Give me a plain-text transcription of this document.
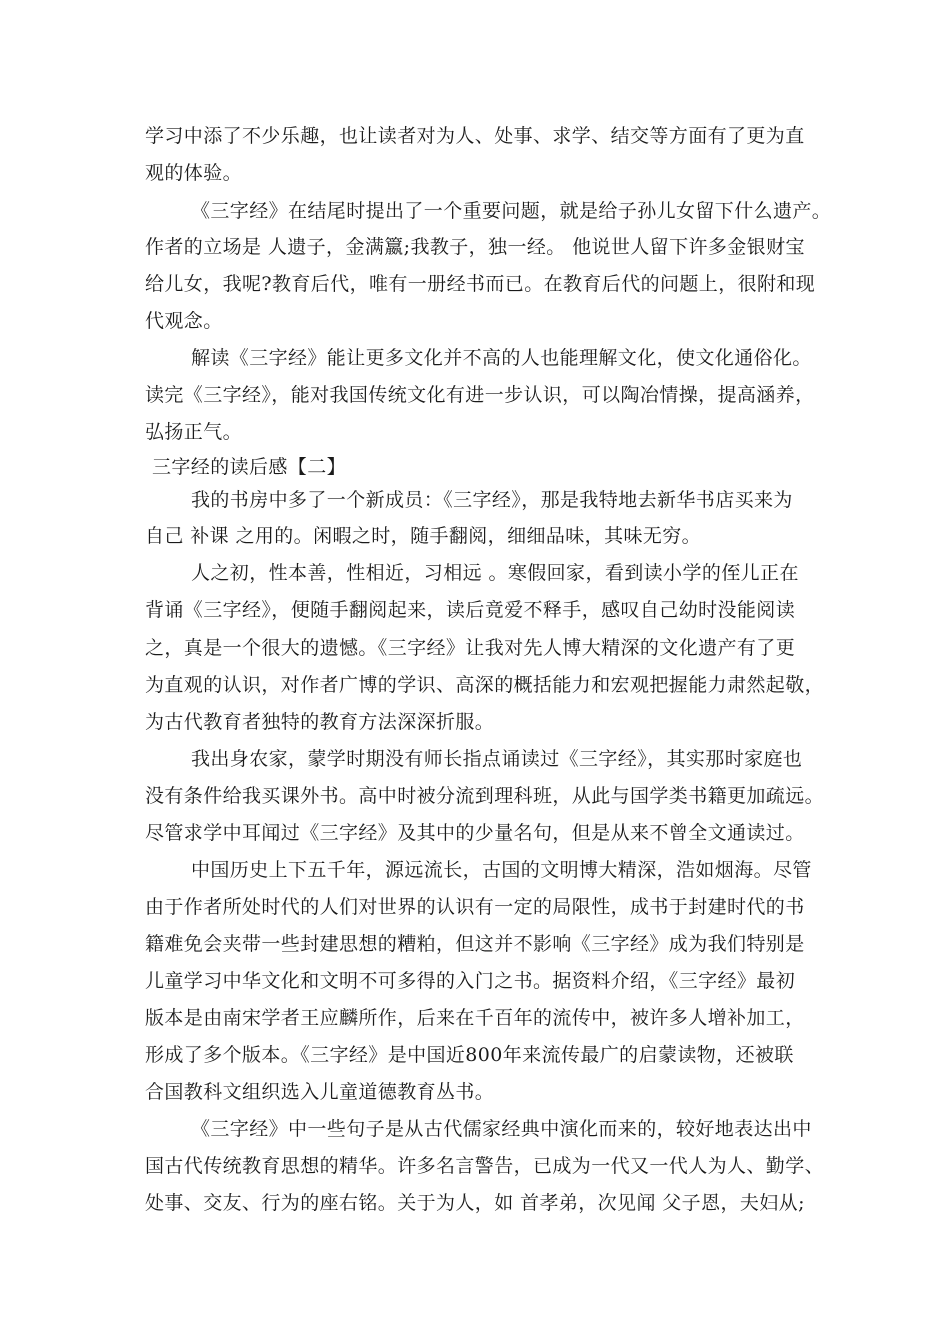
学习中添了不少乐趣，也让读者对为人、处事、求学、结交等方面有了更为直
观的体验。
《三字经》在结尾时提出了一个重要问题，就是给子孙儿女留下什么遗产。
作者的立场是 人遗子，金满籝;我教子，独一经。 他说世人留下许多金银财宝
给儿女，我呢?教育后代，唯有一册经书而已。在教育后代的问题上，很附和现
代观念。
解读《三字经》能让更多文化并不高的人也能理解文化，使文化通俗化。
读完《三字经》，能对我国传统文化有进一步认识，可以陶冶情操，提高涵养，
弘扬正气。
三字经的读后感【二】
我的书房中多了一个新成员：《三字经》，那是我特地去新华书店买来为
自己 补课 之用的。闲暇之时，随手翻阅，细细品味，其味无穷。
人之初，性本善，性相近，习相远 。寒假回家，看到读小学的侄儿正在
背诵《三字经》，便随手翻阅起来，读后竟爱不释手，感叹自己幼时没能阅读
之，真是一个很大的遗憾。《三字经》让我对先人博大精深的文化遗产有了更
为直观的认识，对作者广博的学识、高深的概括能力和宏观把握能力肃然起敬，
为古代教育者独特的教育方法深深折服。
我出身农家，蒙学时期没有师长指点诵读过《三字经》，其实那时家庭也
没有条件给我买课外书。高中时被分流到理科班，从此与国学类书籍更加疏远。
尽管求学中耳闻过《三字经》及其中的少量名句，但是从来不曾全文通读过。
中国历史上下五千年，源远流长，古国的文明博大精深，浩如烟海。尽管
由于作者所处时代的人们对世界的认识有一定的局限性，成书于封建时代的书
籍难免会夹带一些封建思想的糟粕，但这并不影响《三字经》成为我们特别是
儿童学习中华文化和文明不可多得的入门之书。据资料介绍，《三字经》最初
版本是由南宋学者王应麟所作，后来在千百年的流传中，被许多人增补加工，
形成了多个版本。《三字经》是中国近800年来流传最广的启蒙读物，还被联
合国教科文组织选入儿童道德教育丛书。
《三字经》中一些句子是从古代儒家经典中演化而来的，较好地表达出中
国古代传统教育思想的精华。许多名言警告，已成为一代又一代人为人、勤学、
处事、交友、行为的座右铭。关于为人，如 首孝弟，次见闻 父子恩，夫妇从;
